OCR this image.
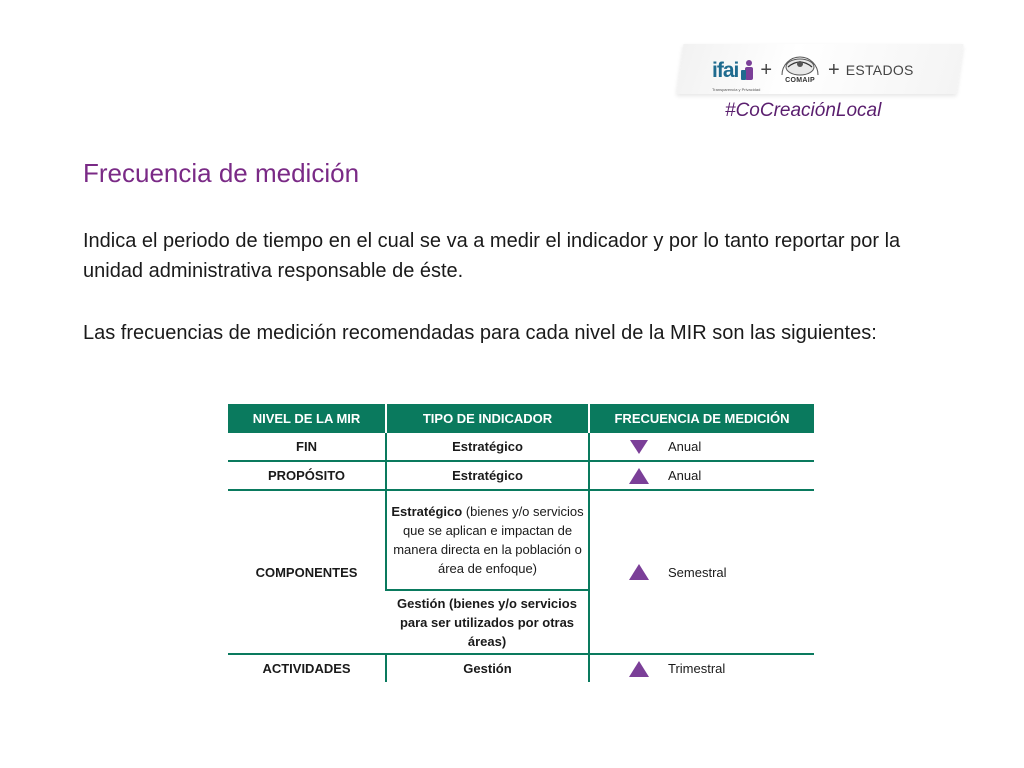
ifai
Transparencia y Privacidad
+	COMAIP + ESTADOS
#CoCreaciónLocal
Frecuencia de medición

Indica el periodo de tiempo en el cual se va a medir el indicador y por lo tanto reportar por la unidad administrativa responsable de éste.

Las frecuencias de medición recomendadas para cada nivel de la MIR son las siguientes:

NIVEL DE LA MIR	TIPO DE INDICADOR	FRECUENCIA DE MEDICIÓN
FIN	Estratégico	Anual

PROPÓSITO	Estratégico	Anual

COMPONENTES	Estratégico (bienes y/o servicios que se aplican e impactan de manera directa en la población o área de enfoque)	Semestral

	Gestión (bienes y/o servicios para ser utilizados por otras áreas)	
ACTIVIDADES	Gestión	Trimestral
